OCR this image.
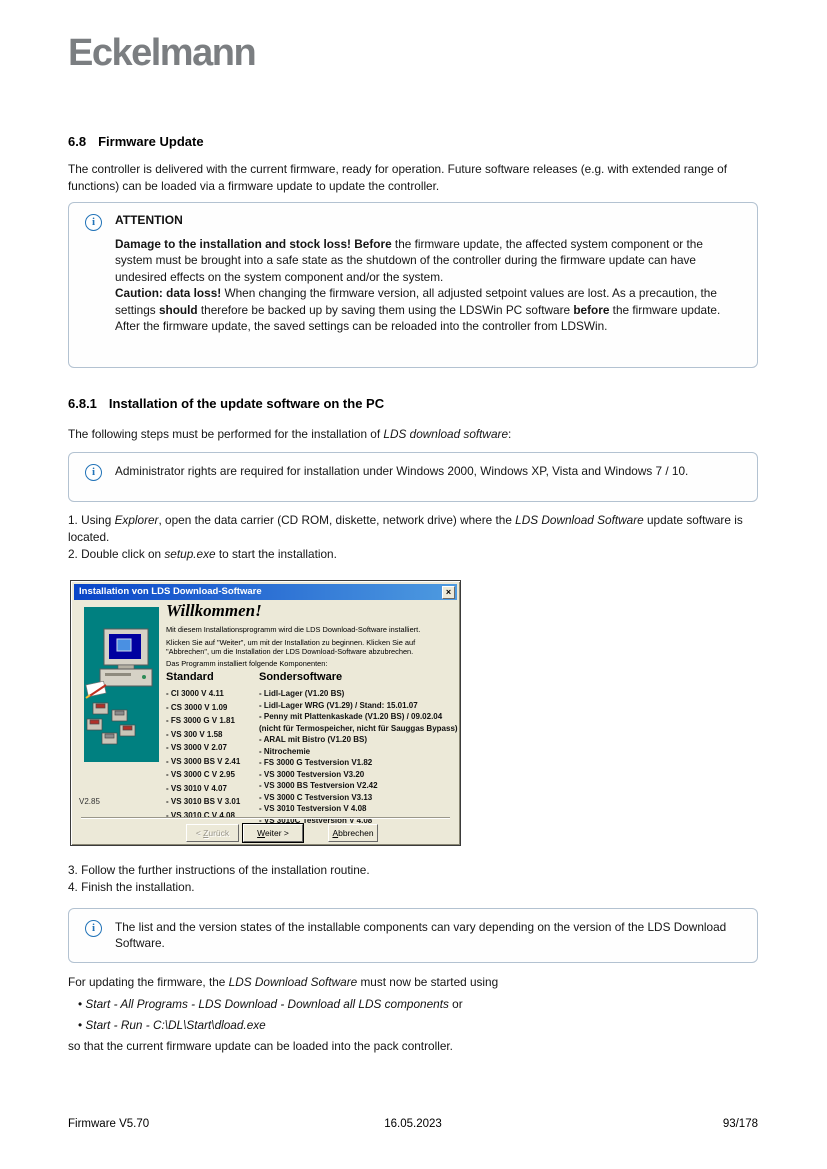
Eckelmann
6.8 Firmware Update
The controller is delivered with the current firmware, ready for operation. Future software releases (e.g. with extended range of functions) can be loaded via a firmware update to update the controller.
i	ATTENTION
Damage to the installation and stock loss! Before the firmware update, the affected system component or the system must be brought into a safe state as the shutdown of the controller during the firmware update can have undesired effects on the system component and/or the system.
Caution: data loss! When changing the firmware version, all adjusted setpoint values are lost. As a precaution, the settings should therefore be backed up by saving them using the LDSWin PC software before the firmware update. After the firmware update, the saved settings can be reloaded into the controller from LDSWin.
6.8.1 Installation of the update software on the PC
The following steps must be performed for the installation of LDS download software:
i	Administrator rights are required for installation under Windows 2000, Windows XP, Vista and Windows 7 / 10.
1. Using Explorer, open the data carrier (CD ROM, diskette, network drive) where the LDS Download Software update software is located.
2. Double click on setup.exe to start the installation.
Installation von LDS Download-Software	×
Willkommen!
Mit diesem Installationsprogramm wird die LDS Download-Software installiert.
Klicken Sie auf "Weiter", um mit der Installation zu beginnen. Klicken Sie auf "Abbrechen", um die Installation der LDS Download-Software abzubrechen.
Das Programm installiert folgende Komponenten:
Standard
- CI 3000 V 4.11
- CS 3000 V 1.09
- FS 3000 G V 1.81
- VS 300 V 1.58
- VS 3000 V 2.07
- VS 3000 BS V 2.41
- VS 3000 C V 2.95
- VS 3010 V 4.07
- VS 3010 BS V 3.01
- VS 3010 C V 4.08
Sondersoftware
- Lidl-Lager (V1.20 BS)
- Lidl-Lager WRG (V1.29) / Stand: 15.01.07
- Penny mit Plattenkaskade (V1.20 BS) / 09.02.04
(nicht für Termospeicher, nicht für Sauggas Bypass)
- ARAL mit Bistro (V1.20 BS)
- Nitrochemie
- FS 3000 G Testversion V1.82
- VS 3000 Testversion V3.20
- VS 3000 BS Testversion V2.42
- VS 3000 C Testversion V3.13
- VS 3010 Testversion V 4.08
- VS 3010C Testversion V 4.08
V2.85
< Zurück	Weiter >	Abbrechen
3. Follow the further instructions of the installation routine.
4. Finish the installation.
i	The list and the version states of the installable components can vary depending on the version of the LDS Download Software.
For updating the firmware, the LDS Download Software must now be started using
• Start - All Programs - LDS Download - Download all LDS components or
• Start - Run - C:\DL\Start\dload.exe
so that the current firmware update can be loaded into the pack controller.
Firmware V5.70	16.05.2023	93/178
